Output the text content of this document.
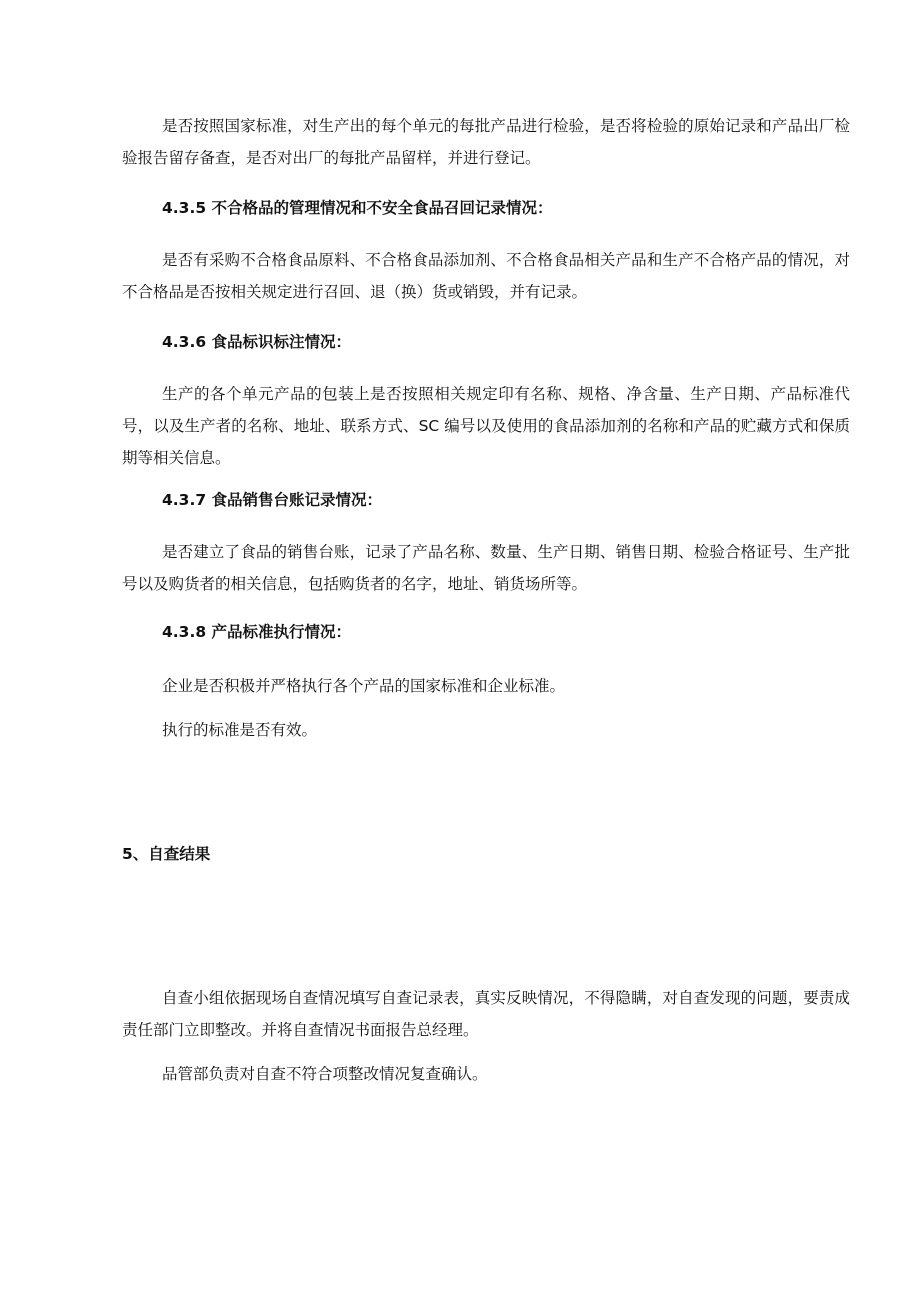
是否按照国家标准，对生产出的每个单元的每批产品进行检验，是否将检验的原始记录和产品出厂检验报告留存备查，是否对出厂的每批产品留样，并进行登记。

4.3.5 不合格品的管理情况和不安全食品召回记录情况：

是否有采购不合格食品原料、不合格食品添加剂、不合格食品相关产品和生产不合格产品的情况，对不合格品是否按相关规定进行召回、退（换）货或销毁，并有记录。

4.3.6 食品标识标注情况：

生产的各个单元产品的包装上是否按照相关规定印有名称、规格、净含量、生产日期、产品标准代号，以及生产者的名称、地址、联系方式、SC 编号以及使用的食品添加剂的名称和产品的贮藏方式和保质期等相关信息。

4.3.7 食品销售台账记录情况：

是否建立了食品的销售台账，记录了产品名称、数量、生产日期、销售日期、检验合格证号、生产批号以及购货者的相关信息，包括购货者的名字，地址、销货场所等。

4.3.8 产品标准执行情况：

企业是否积极并严格执行各个产品的国家标准和企业标准。

执行的标准是否有效。

5、自查结果

自查小组依据现场自查情况填写自查记录表，真实反映情况，不得隐瞒，对自查发现的问题，要责成责任部门立即整改。并将自查情况书面报告总经理。

品管部负责对自查不符合项整改情况复查确认。
